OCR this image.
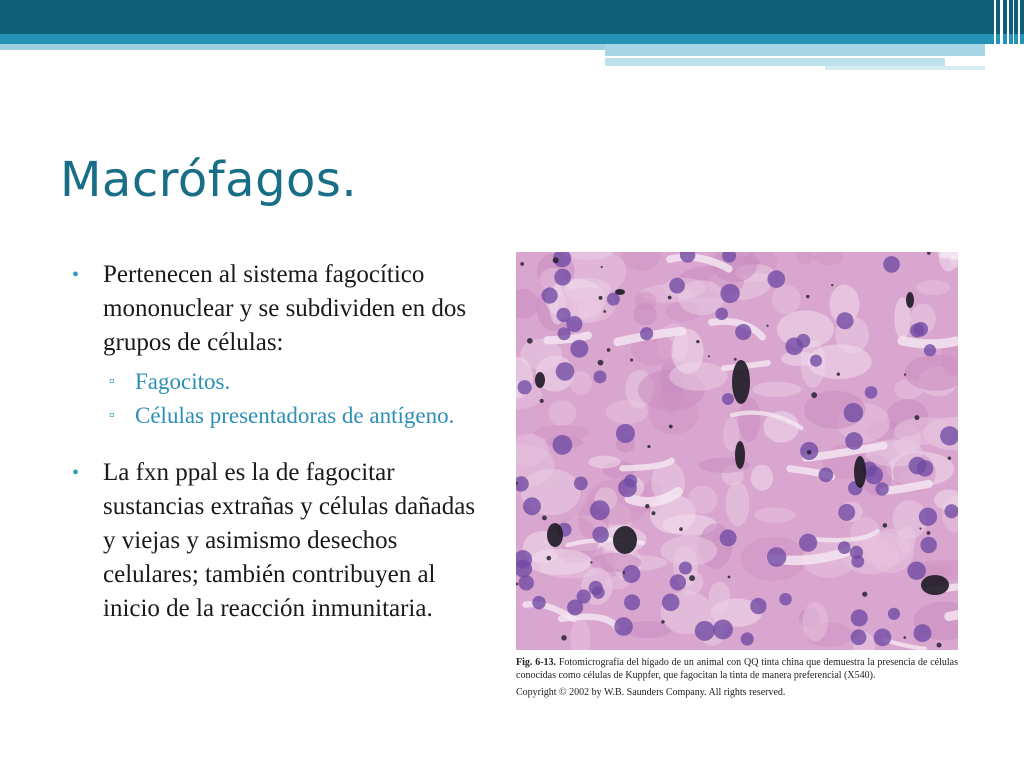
Macrófagos.
• Pertenecen al sistema fagocítico mononuclear y se subdividen en dos grupos de células:
▫ Fagocitos.
▫ Células presentadoras de antígeno.
• La fxn ppal es la de fagocitar sustancias extrañas y células dañadas y viejas y asimismo desechos celulares; también contribuyen al inicio de la reacción inmunitaria.
Fig. 6-13. Fotomicrografía del hígado de un animal con QQ tinta china que demuestra la presencia de células conocidas como células de Kuppfer, que fagocitan la tinta de manera preferencial (X540).
Copyright © 2002 by W.B. Saunders Company. All rights reserved.
